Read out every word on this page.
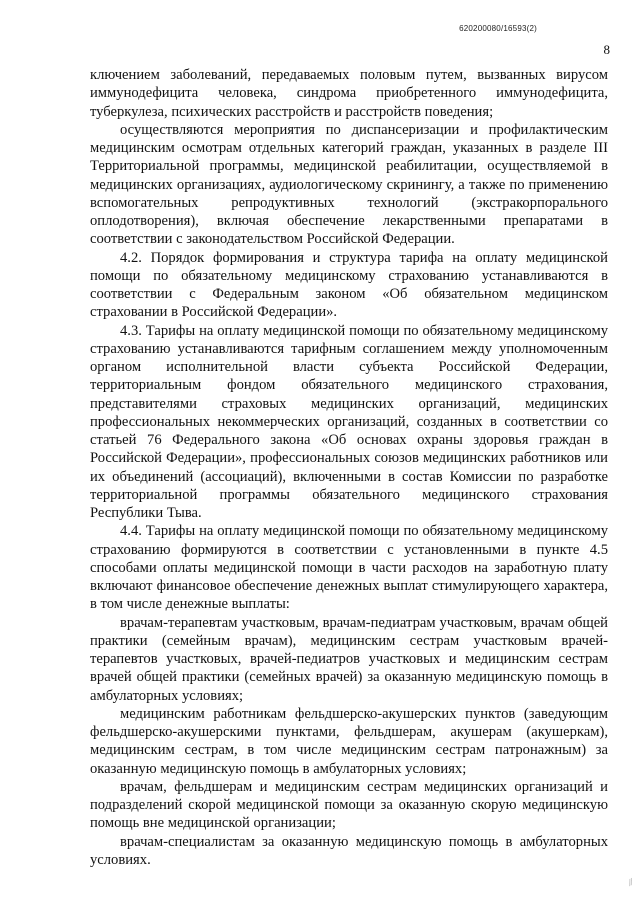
620200080/16593(2)
8

ключением заболеваний, передаваемых половым путем, вызванных вирусом иммунодефицита человека, синдрома приобретенного иммунодефицита, туберкулеза, психических расстройств и расстройств поведения;

осуществляются мероприятия по диспансеризации и профилактическим медицинским осмотрам отдельных категорий граждан, указанных в разделе III Территориальной программы, медицинской реабилитации, осуществляемой в медицинских организациях, аудиологическому скринингу, а также по применению вспомогательных репродуктивных технологий (экстракорпорального оплодотворения), включая обеспечение лекарственными препаратами в соответствии с законодательством Российской Федерации.

4.2. Порядок формирования и структура тарифа на оплату медицинской помощи по обязательному медицинскому страхованию устанавливаются в соответствии с Федеральным законом «Об обязательном медицинском страховании в Российской Федерации».

4.3. Тарифы на оплату медицинской помощи по обязательному медицинскому страхованию устанавливаются тарифным соглашением между уполномоченным органом исполнительной власти субъекта Российской Федерации, территориальным фондом обязательного медицинского страхования, представителями страховых медицинских организаций, медицинских профессиональных некоммерческих организаций, созданных в соответствии со статьей 76 Федерального закона «Об основах охраны здоровья граждан в Российской Федерации», профессиональных союзов медицинских работников или их объединений (ассоциаций), включенными в состав Комиссии по разработке территориальной программы обязательного медицинского страхования Республики Тыва.

4.4. Тарифы на оплату медицинской помощи по обязательному медицинскому страхованию формируются в соответствии с установленными в пункте 4.5 способами оплаты медицинской помощи в части расходов на заработную плату включают финансовое обеспечение денежных выплат стимулирующего характера, в том числе денежные выплаты:

врачам-терапевтам участковым, врачам-педиатрам участковым, врачам общей практики (семейным врачам), медицинским сестрам участковым врачей-терапевтов участковых, врачей-педиатров участковых и медицинским сестрам врачей общей практики (семейных врачей) за оказанную медицинскую помощь в амбулаторных условиях;

медицинским работникам фельдшерско-акушерских пунктов (заведующим фельдшерско-акушерскими пунктами, фельдшерам, акушерам (акушеркам), медицинским сестрам, в том числе медицинским сестрам патронажным) за оказанную медицинскую помощь в амбулаторных условиях;

врачам, фельдшерам и медицинским сестрам медицинских организаций и подразделений скорой медицинской помощи за оказанную скорую медицинскую помощь вне медицинской организации;

врачам-специалистам за оказанную медицинскую помощь в амбулаторных условиях.

⁄⁄
